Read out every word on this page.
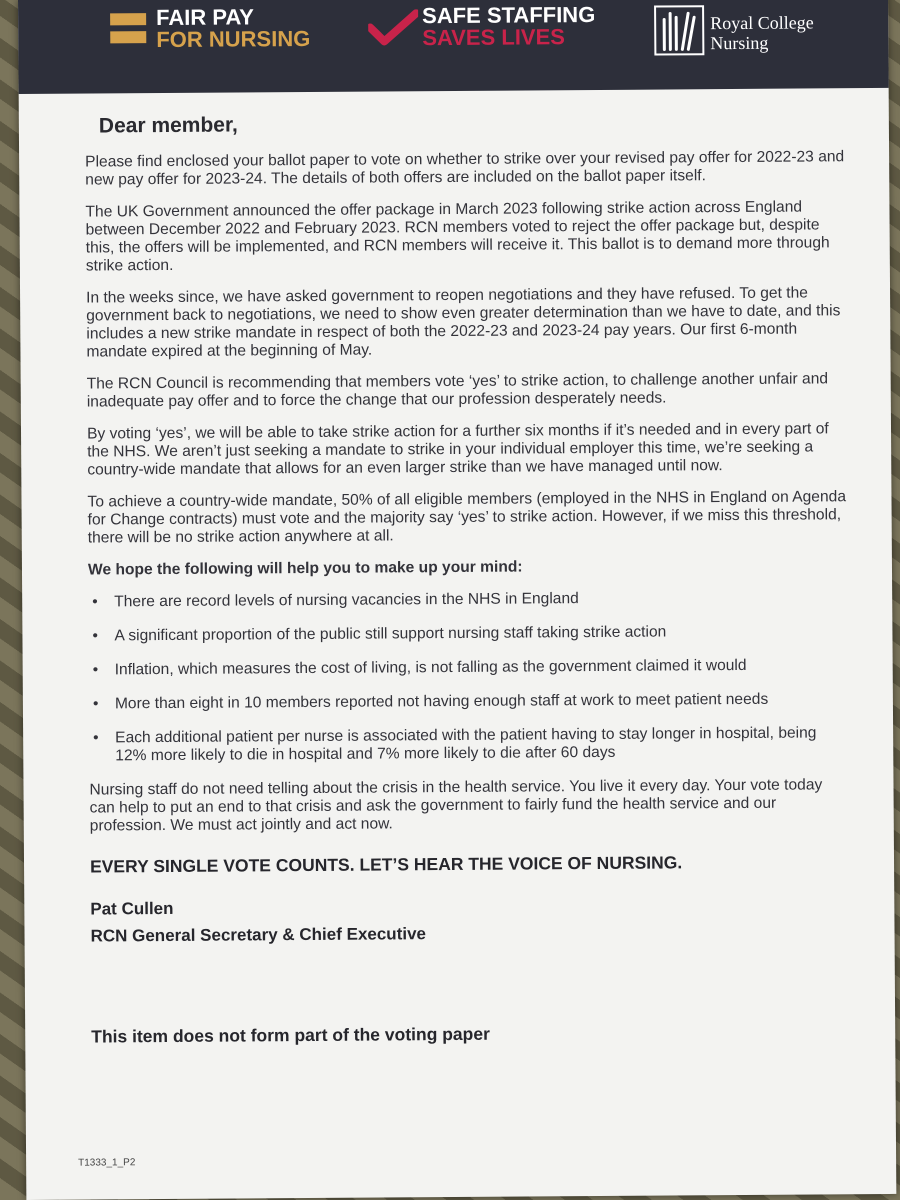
FAIR PAY
FOR NURSING
SAFE STAFFING
SAVES LIVES
Royal College
Nursing
Dear member,

Please find enclosed your ballot paper to vote on whether to strike over your revised pay offer for 2022-23 and new pay offer for 2023-24. The details of both offers are included on the ballot paper itself.

The UK Government announced the offer package in March 2023 following strike action across England between December 2022 and February 2023. RCN members voted to reject the offer package but, despite this, the offers will be implemented, and RCN members will receive it. This ballot is to demand more through strike action.

In the weeks since, we have asked government to reopen negotiations and they have refused. To get the government back to negotiations, we need to show even greater determination than we have to date, and this includes a new strike mandate in respect of both the 2022-23 and 2023-24 pay years. Our first 6-month mandate expired at the beginning of May.

The RCN Council is recommending that members vote ‘yes’ to strike action, to challenge another unfair and inadequate pay offer and to force the change that our profession desperately needs.

By voting ‘yes’, we will be able to take strike action for a further six months if it’s needed and in every part of the NHS. We aren’t just seeking a mandate to strike in your individual employer this time, we’re seeking a country-wide mandate that allows for an even larger strike than we have managed until now.

To achieve a country-wide mandate, 50% of all eligible members (employed in the NHS in England on Agenda for Change contracts) must vote and the majority say ‘yes’ to strike action. However, if we miss this threshold, there will be no strike action anywhere at all.

We hope the following will help you to make up your mind:
• There are record levels of nursing vacancies in the NHS in England
• A significant proportion of the public still support nursing staff taking strike action
• Inflation, which measures the cost of living, is not falling as the government claimed it would
• More than eight in 10 members reported not having enough staff at work to meet patient needs
• Each additional patient per nurse is associated with the patient having to stay longer in hospital, being 12% more likely to die in hospital and 7% more likely to die after 60 days

Nursing staff do not need telling about the crisis in the health service. You live it every day. Your vote today can help to put an end to that crisis and ask the government to fairly fund the health service and our profession. We must act jointly and act now.

EVERY SINGLE VOTE COUNTS. LET’S HEAR THE VOICE OF NURSING.
Pat Cullen
RCN General Secretary & Chief Executive
This item does not form part of the voting paper
T1333_1_P2
